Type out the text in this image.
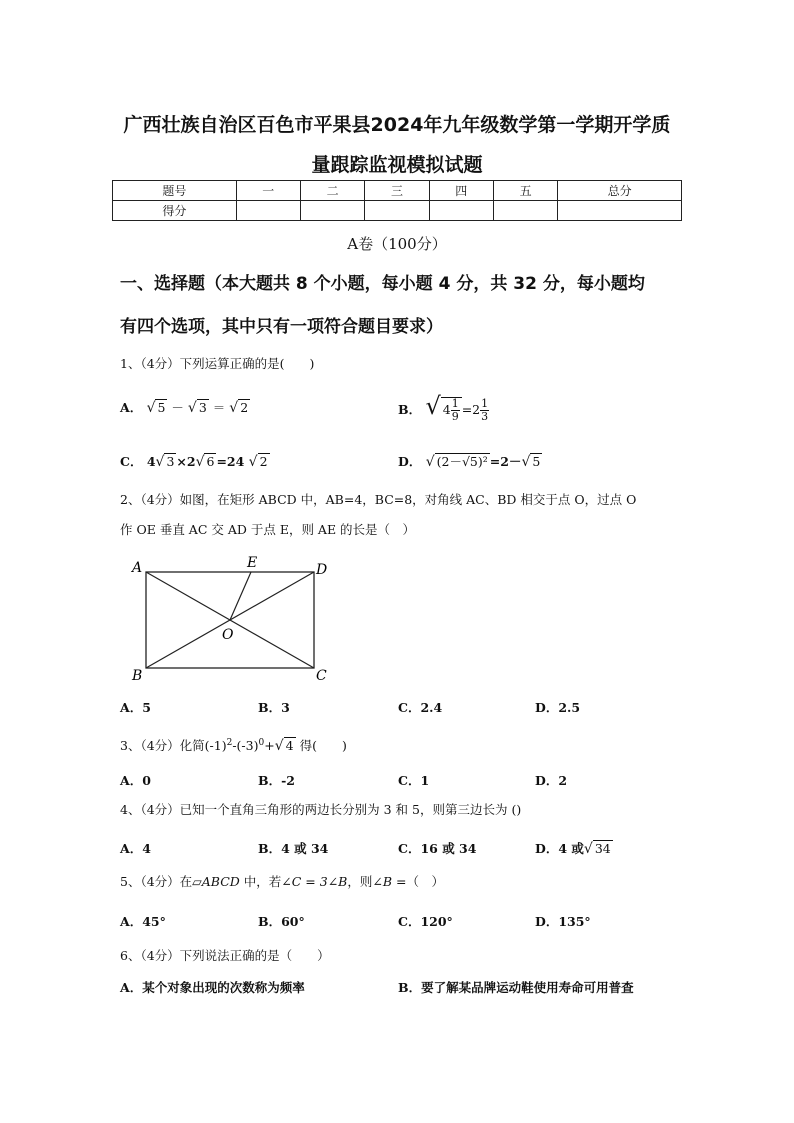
广西壮族自治区百色市平果县2024年九年级数学第一学期开学质
量跟踪监视模拟试题
题号	一	二	三	四	五	总分
得分						
A卷（100分）
一、选择题（本大题共 8 个小题，每小题 4 分，共 32 分，每小题均
有四个选项，其中只有一项符合题目要求）
1、（4分）下列运算正确的是(　　)
A． √ 5 － √ 3 ＝ √ 2	B． √ $4 \frac{1}{9} =2 \frac{1}{3}$
C． 4√ 3 ×2√ 6 =24 √ 2	D． √ (2－√5)² =2－√ 5
2、（4分）如图，在矩形 ABCD 中，AB=4，BC=8，对角线 AC、BD 相交于点 O，过点 O
作 OE 垂直 AC 交 AD 于点 E，则 AE 的长是（　）
A
B	C
D
E
O
A．5	B．3	C．2.4	D．2.5
3、（4分）化简$(-1)^2-(-3)^0+√$ 4 得(　　)
A．0	B．-2	C．1	D．2
4、（4分）已知一个直角三角形的两边长分别为 3 和 5，则第三边长为 ()
A．4	B．4 或 34	C．16 或 34	D．4 或√ 34
5、（4分）在▱ABCD 中，若∠C = 3∠B，则∠B =（　）
A．45°	B．60°	C．120°	D．135°
6、（4分）下列说法正确的是（　　）
A．某个对象出现的次数称为频率	B．要了解某品牌运动鞋使用寿命可用普查
